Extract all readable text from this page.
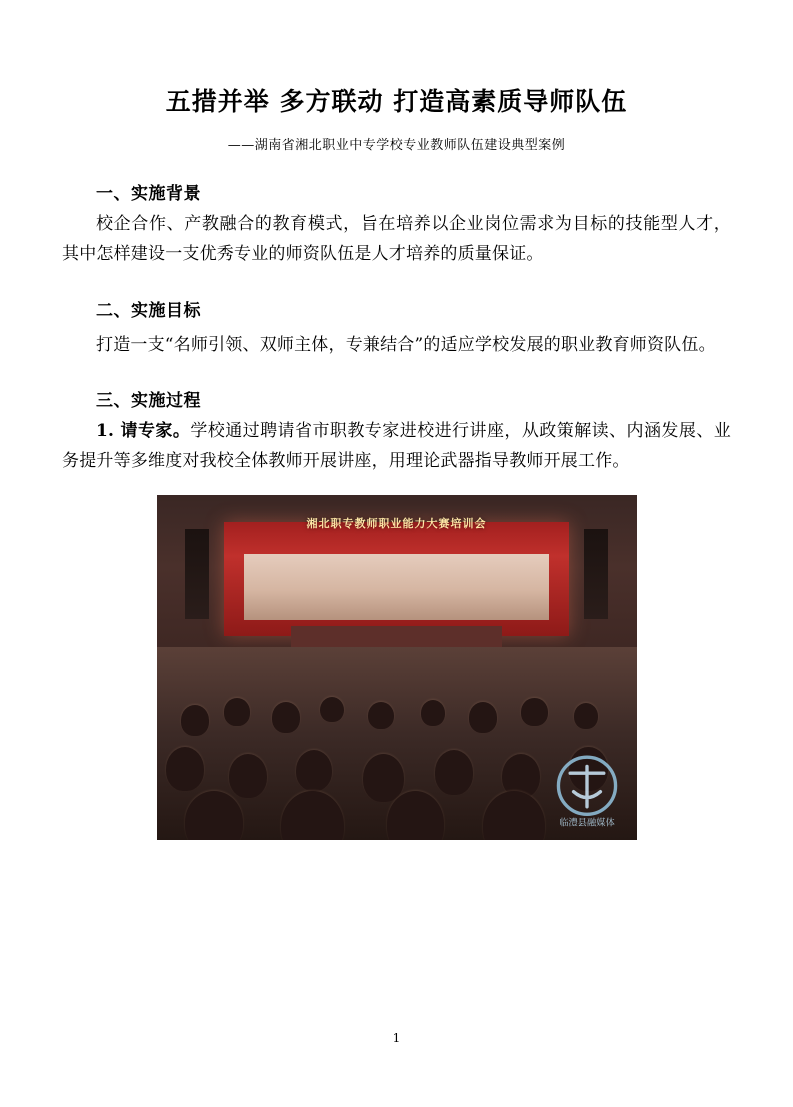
五措并举 多方联动 打造高素质导师队伍
——湖南省湘北职业中专学校专业教师队伍建设典型案例
一、实施背景

校企合作、产教融合的教育模式，旨在培养以企业岗位需求为目标的技能型人才，其中怎样建设一支优秀专业的师资队伍是人才培养的质量保证。

二、实施目标

打造一支“名师引领、双师主体，专兼结合”的适应学校发展的职业教育师资队伍。

三、实施过程

1. 请专家。学校通过聘请省市职教专家进校进行讲座，从政策解读、内涵发展、业务提升等多维度对我校全体教师开展讲座，用理论武器指导教师开展工作。

湘北职专教师职业能力大赛培训会
临澧县融媒体
1
